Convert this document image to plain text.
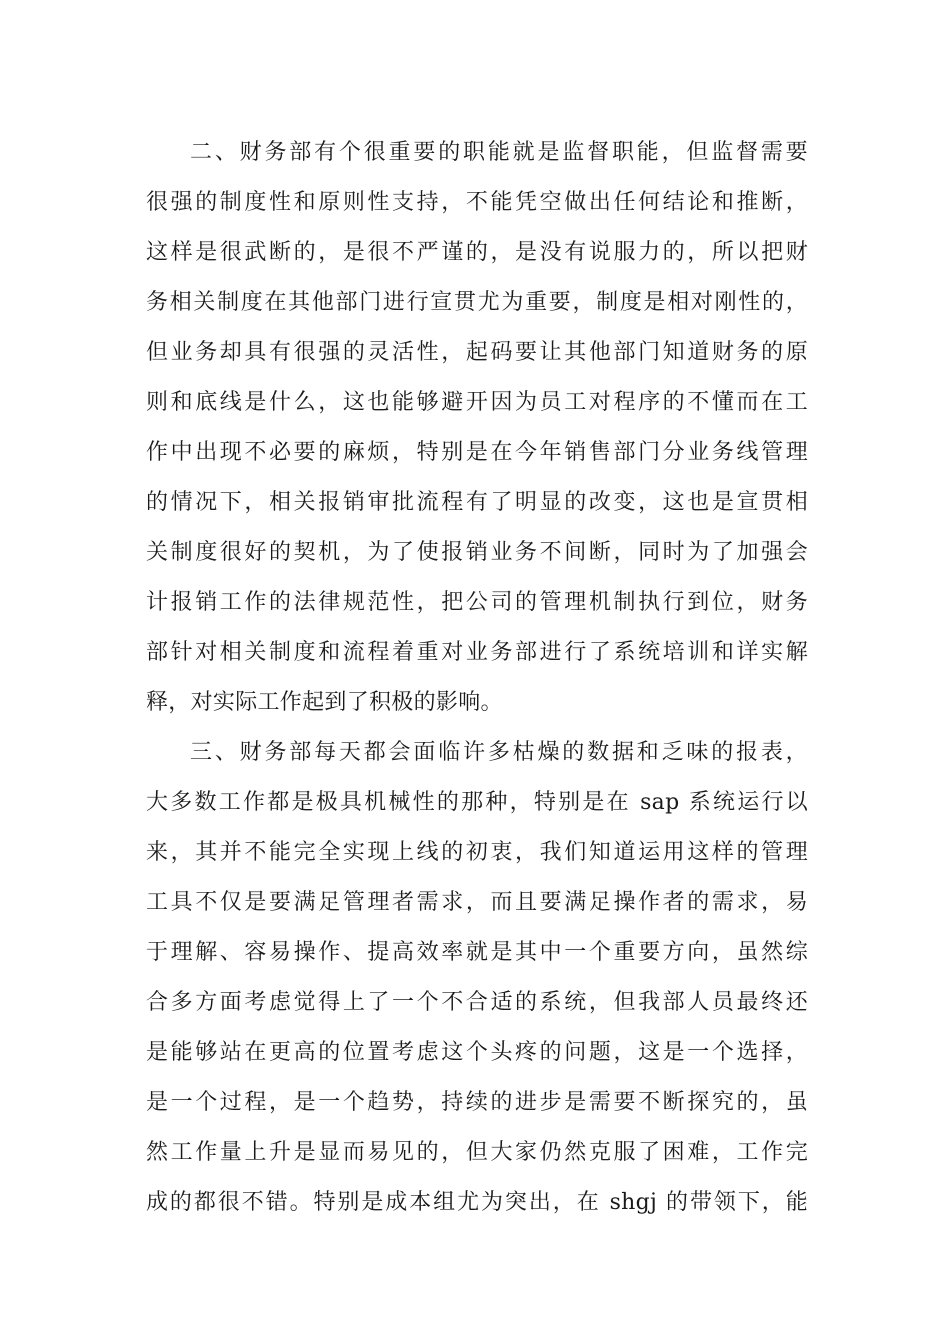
二、财务部有个很重要的职能就是监督职能，但监督需要
很强的制度性和原则性支持，不能凭空做出任何结论和推断，
这样是很武断的，是很不严谨的，是没有说服力的，所以把财
务相关制度在其他部门进行宣贯尤为重要，制度是相对刚性的，
但业务却具有很强的灵活性，起码要让其他部门知道财务的原
则和底线是什么，这也能够避开因为员工对程序的不懂而在工
作中出现不必要的麻烦，特别是在今年销售部门分业务线管理
的情况下，相关报销审批流程有了明显的改变，这也是宣贯相
关制度很好的契机，为了使报销业务不间断，同时为了加强会
计报销工作的法律规范性，把公司的管理机制执行到位，财务
部针对相关制度和流程着重对业务部进行了系统培训和详实解
释，对实际工作起到了积极的影响。
三、财务部每天都会面临许多枯燥的数据和乏味的报表，
大多数工作都是极具机械性的那种，特别是在 sap 系统运行以
来，其并不能完全实现上线的初衷，我们知道运用这样的管理
工具不仅是要满足管理者需求，而且要满足操作者的需求，易
于理解、容易操作、提高效率就是其中一个重要方向，虽然综
合多方面考虑觉得上了一个不合适的系统，但我部人员最终还
是能够站在更高的位置考虑这个头疼的问题，这是一个选择，
是一个过程，是一个趋势，持续的进步是需要不断探究的，虽
然工作量上升是显而易见的，但大家仍然克服了困难，工作完
成的都很不错。特别是成本组尤为突出，在 shgj 的带领下，能
